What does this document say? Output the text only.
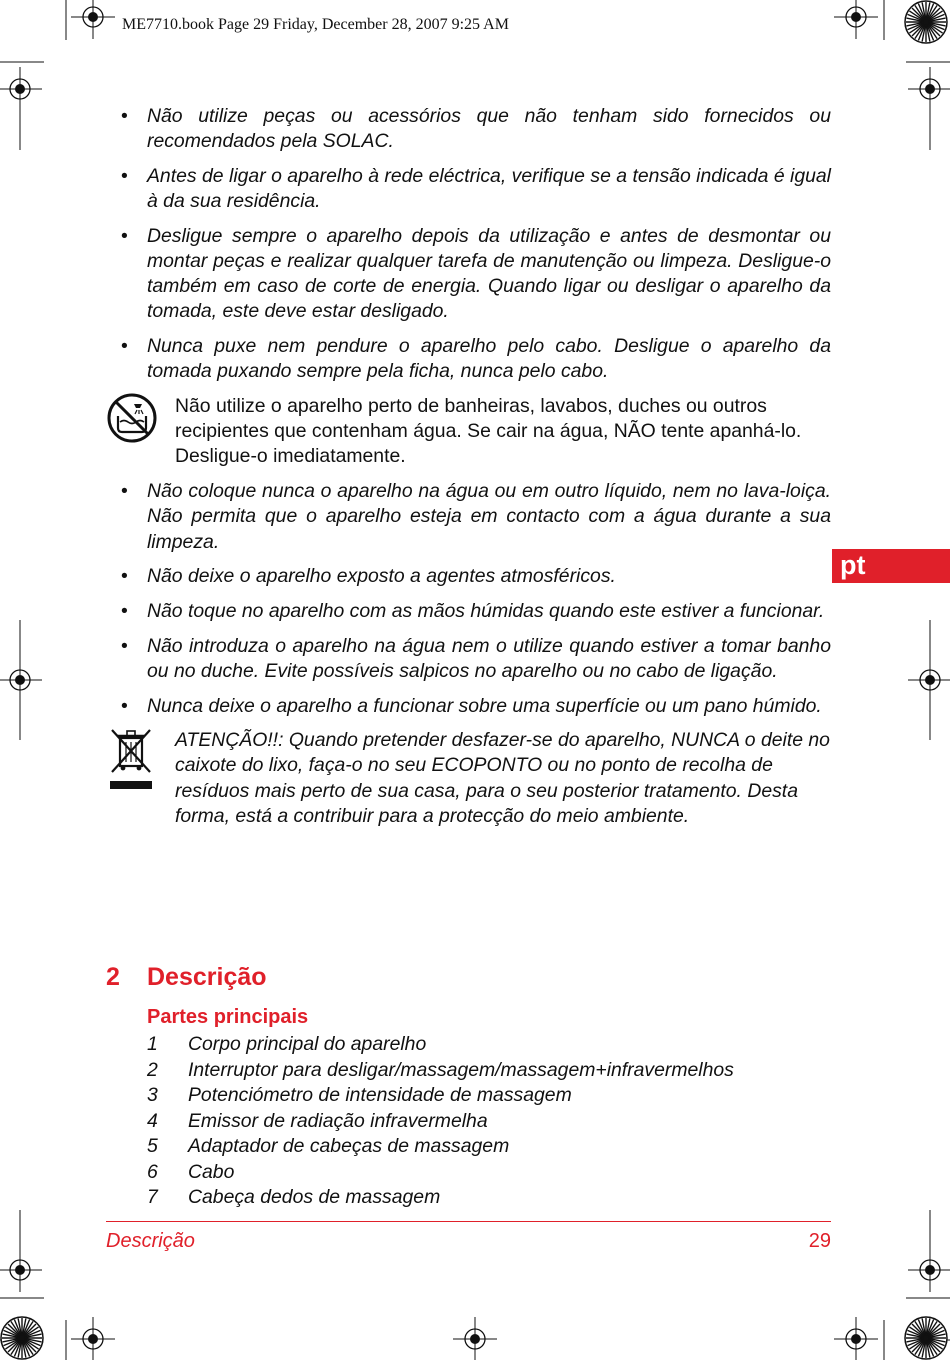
ME7710.book Page 29 Friday, December 28, 2007 9:25 AM
• Não utilize peças ou acessórios que não tenham sido fornecidos ou recomendados pela SOLAC.
• Antes de ligar o aparelho à rede eléctrica, verifique se a tensão indicada é igual à da sua residência.
• Desligue sempre o aparelho depois da utilização e antes de desmontar ou montar peças e realizar qualquer tarefa de manutenção ou limpeza. Desligue-o também em caso de corte de energia. Quando ligar ou desligar o aparelho da tomada, este deve estar desligado.
• Nunca puxe nem pendure o aparelho pelo cabo. Desligue o aparelho da tomada puxando sempre pela ficha, nunca pelo cabo.
Não utilize o aparelho perto de banheiras, lavabos, duches ou outros recipientes que contenham água. Se cair na água, NÃO tente apanhá-lo. Desligue-o imediatamente.
• Não coloque nunca o aparelho na água ou em outro líquido, nem no lava-loiça. Não permita que o aparelho esteja em contacto com a água durante a sua limpeza.
• Não deixe o aparelho exposto a agentes atmosféricos.
• Não toque no aparelho com as mãos húmidas quando este estiver a funcionar.
• Não introduza o aparelho na água nem o utilize quando estiver a tomar banho ou no duche. Evite possíveis salpicos no aparelho ou no cabo de ligação.
• Nunca deixe o aparelho a funcionar sobre uma superfície ou um pano húmido.
ATENÇÃO!!: Quando pretender desfazer-se do aparelho, NUNCA o deite no caixote do lixo, faça-o no seu ECOPONTO ou no ponto de recolha de resíduos mais perto de sua casa, para o seu posterior tratamento. Desta forma, está a contribuir para a protecção do meio ambiente.
2 Descrição
Partes principais
1 Corpo principal do aparelho
2 Interruptor para desligar/massagem/massagem+infravermelhos
3 Potenciómetro de intensidade de massagem
4 Emissor de radiação infravermelha
5 Adaptador de cabeças de massagem
6 Cabo
7 Cabeça dedos de massagem
Descrição	29
pt
